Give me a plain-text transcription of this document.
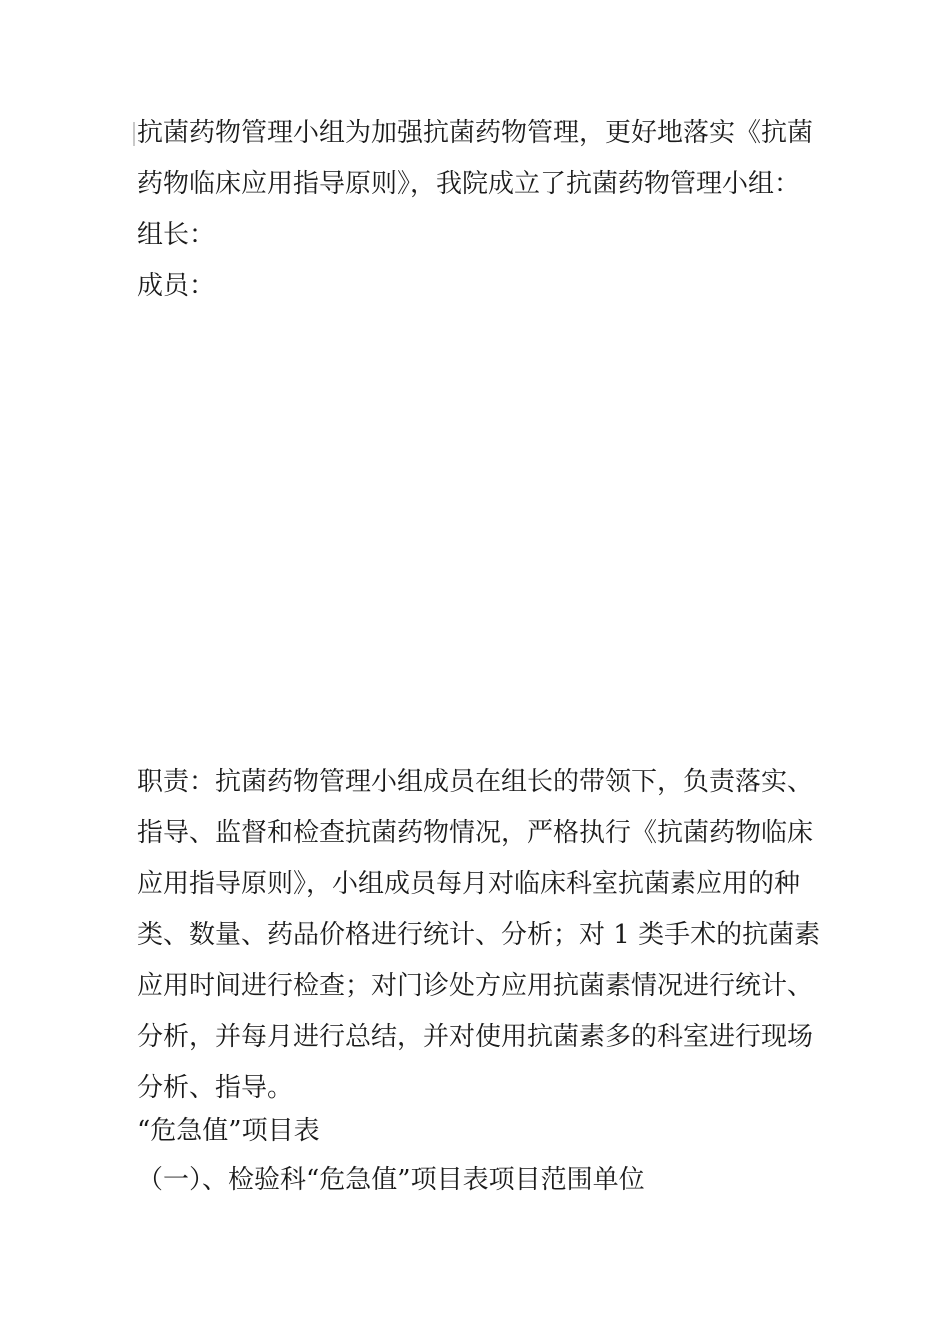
抗菌药物管理小组为加强抗菌药物管理，更好地落实《抗菌
药物临床应用指导原则》，我院成立了抗菌药物管理小组：
组长：
成员：
职责：抗菌药物管理小组成员在组长的带领下，负责落实、
指导、监督和检查抗菌药物情况，严格执行《抗菌药物临床
应用指导原则》，小组成员每月对临床科室抗菌素应用的种
类、数量、药品价格进行统计、分析；对 1 类手术的抗菌素
应用时间进行检查；对门诊处方应用抗菌素情况进行统计、
分析，并每月进行总结，并对使用抗菌素多的科室进行现场
分析、指导。
“危急值”项目表
（一）、检验科“危急值”项目表项目范围单位
